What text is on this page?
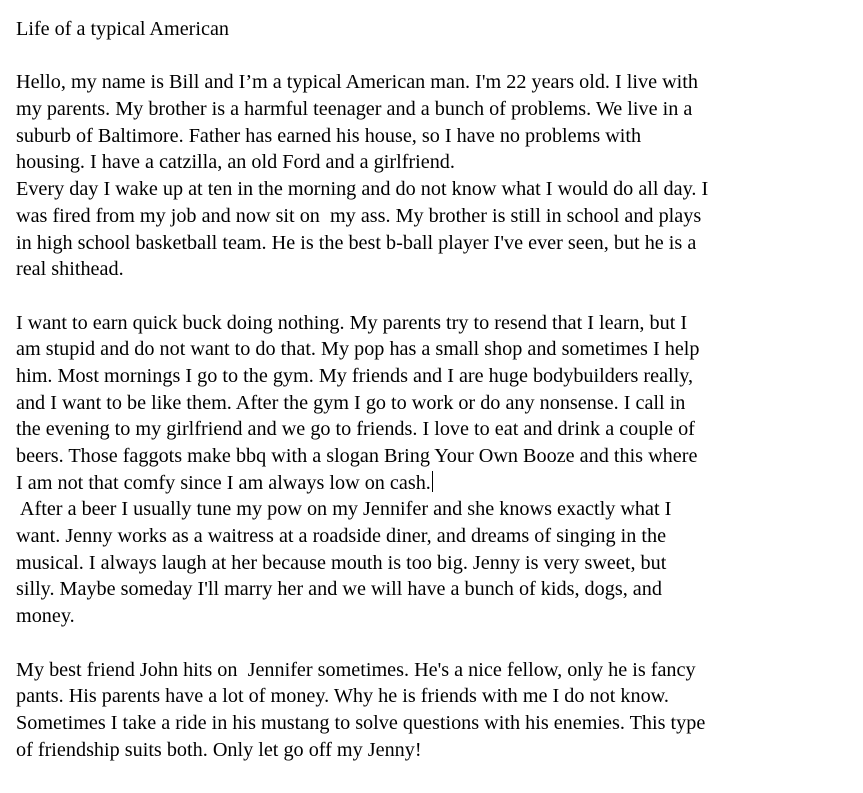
Life of a typical American
Hello, my name is Bill and I’m a typical American man. I'm 22 years old. I live with
my parents. My brother is a harmful teenager and a bunch of problems. We live in a
suburb of Baltimore. Father has earned his house, so I have no problems with
housing. I have a catzilla, an old Ford and a girlfriend.
Every day I wake up at ten in the morning and do not know what I would do all day. I
was fired from my job and now sit on  my ass. My brother is still in school and plays
in high school basketball team. He is the best b-ball player I've ever seen, but he is a
real shithead.
I want to earn quick buck doing nothing. My parents try to resend that I learn, but I
am stupid and do not want to do that. My pop has a small shop and sometimes I help
him. Most mornings I go to the gym. My friends and I are huge bodybuilders really,
and I want to be like them. After the gym I go to work or do any nonsense. I call in
the evening to my girlfriend and we go to friends. I love to eat and drink a couple of
beers. Those faggots make bbq with a slogan Bring Your Own Booze and this where
I am not that comfy since I am always low on cash.
After a beer I usually tune my pow on my Jennifer and she knows exactly what I
want. Jenny works as a waitress at a roadside diner, and dreams of singing in the
musical. I always laugh at her because mouth is too big. Jenny is very sweet, but
silly. Maybe someday I'll marry her and we will have a bunch of kids, dogs, and
money.
My best friend John hits on  Jennifer sometimes. He's a nice fellow, only he is fancy
pants. His parents have a lot of money. Why he is friends with me I do not know.
Sometimes I take a ride in his mustang to solve questions with his enemies. This type
of friendship suits both. Only let go off my Jenny!
